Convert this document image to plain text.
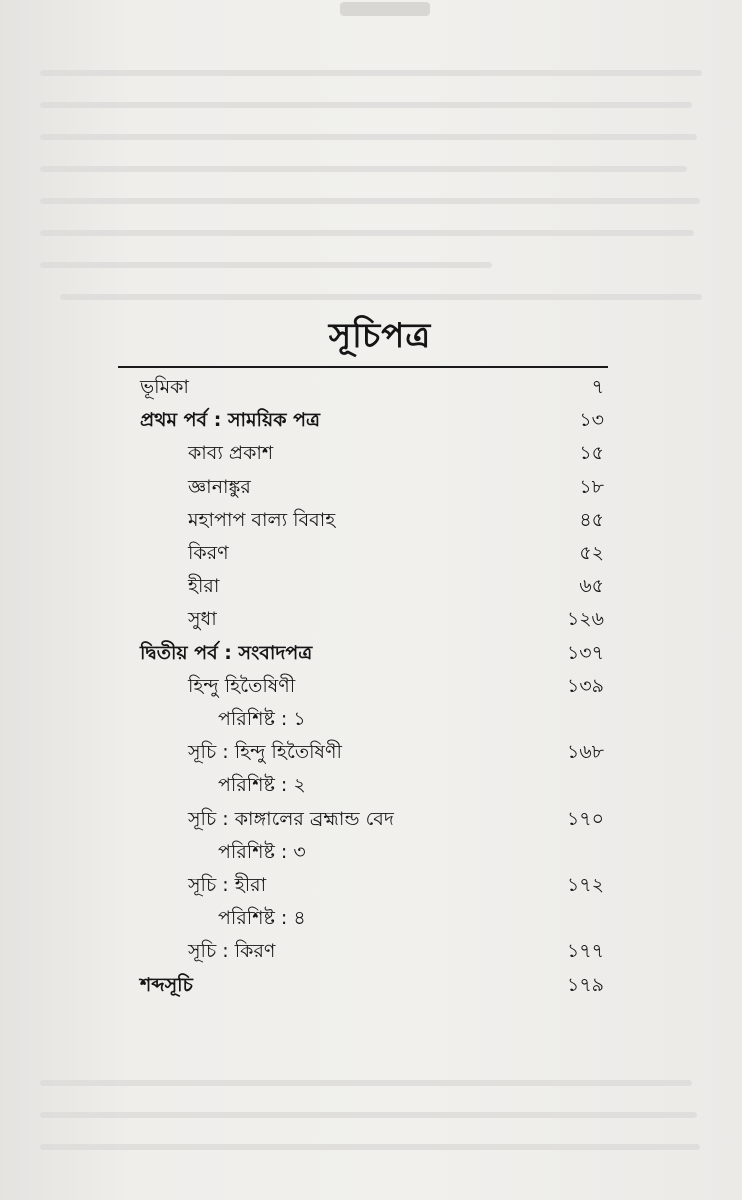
সূচিপত্র
ভূমিকা	৭
প্রথম পর্ব : সাময়িক পত্র	১৩
কাব্য প্রকাশ	১৫
জ্ঞানাঙ্কুর	১৮
মহাপাপ বাল্য বিবাহ	৪৫
কিরণ	৫২
হীরা	৬৫
সুধা	১২৬
দ্বিতীয় পর্ব : সংবাদপত্র	১৩৭
হিন্দু হিতৈষিণী	১৩৯
পরিশিষ্ট : ১
সূচি : হিন্দু হিতৈষিণী	১৬৮
পরিশিষ্ট : ২
সূচি : কাঙ্গালের ব্রহ্মান্ড বেদ	১৭০
পরিশিষ্ট : ৩
সূচি : হীরা	১৭২
পরিশিষ্ট : ৪
সূচি : কিরণ	১৭৭
শব্দসূচি	১৭৯
